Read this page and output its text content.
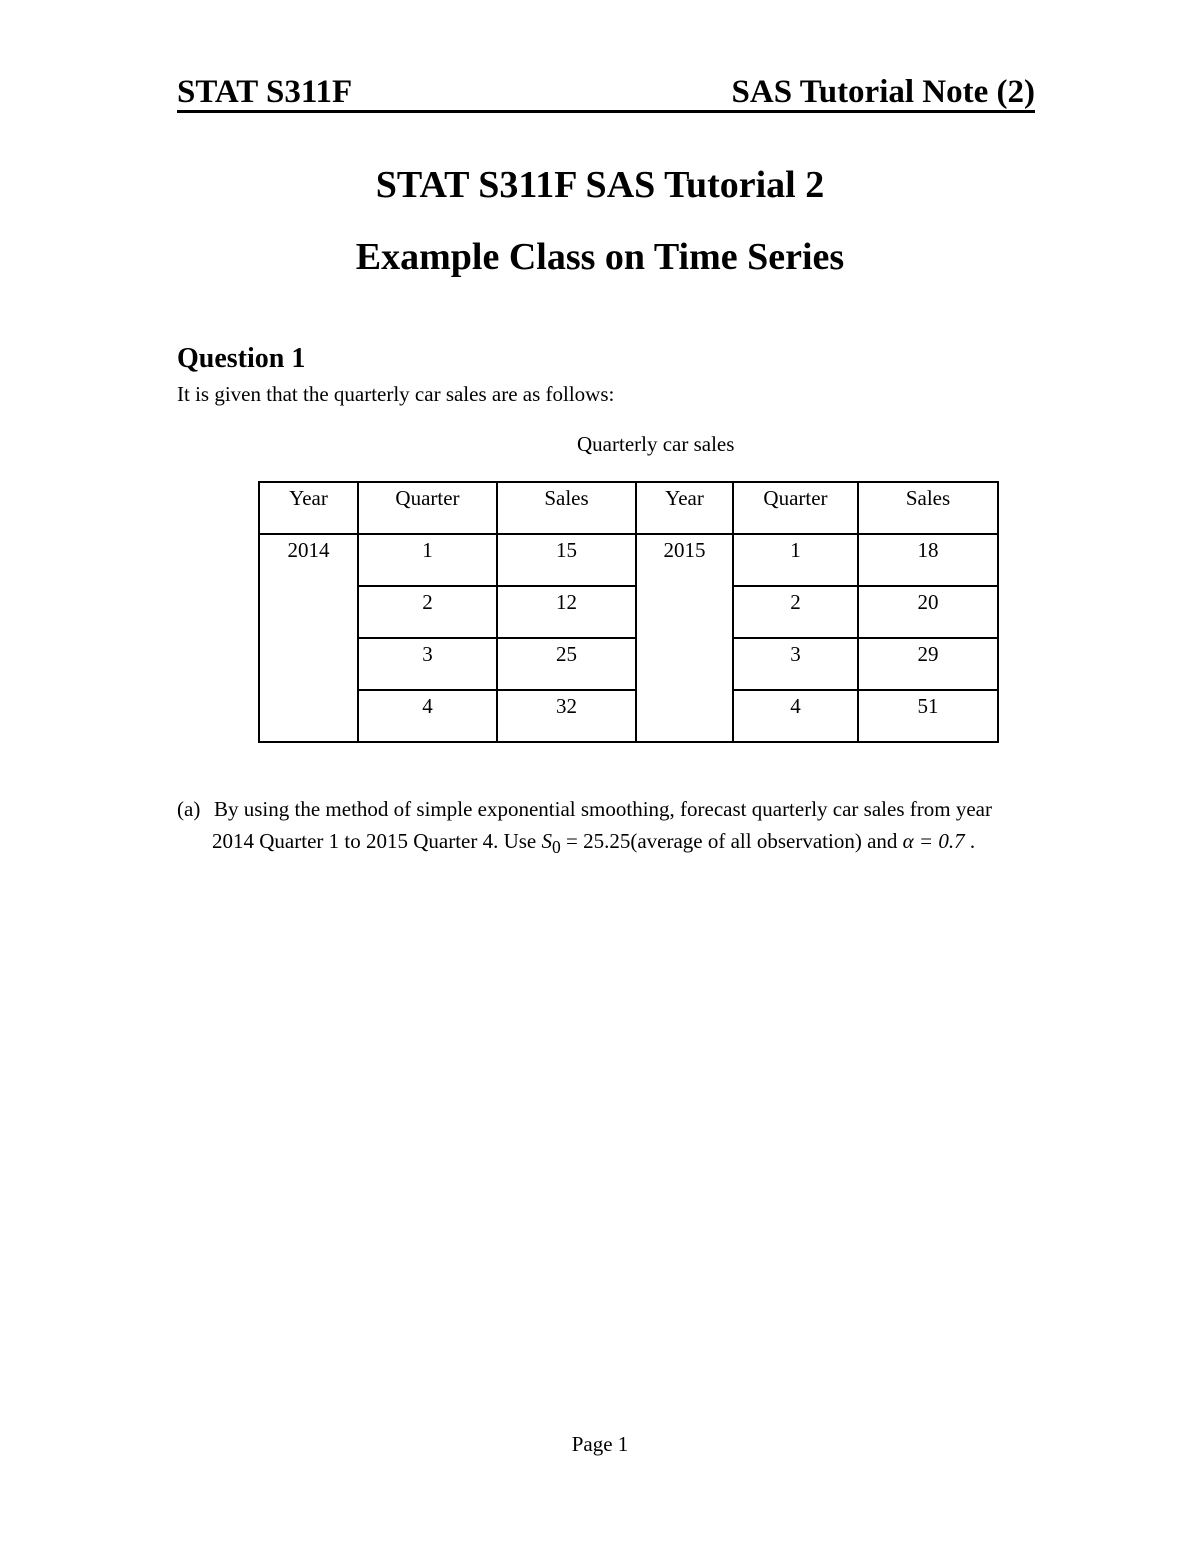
STAT S311F	SAS Tutorial Note (2)
STAT S311F SAS Tutorial 2
Example Class on Time Series
Question 1
It is given that the quarterly car sales are as follows:
Quarterly car sales
Year	Quarter	Sales	Year	Quarter	Sales
2014	1	15	2015	1	18
	2	12		2	20
	3	25		3	29
	4	32		4	51
(a) By using the method of simple exponential smoothing, forecast quarterly car sales from year 2014 Quarter 1 to 2015 Quarter 4. Use $S_0$ = 25.25(average of all observation) and α = 0.7 .
Page 1
